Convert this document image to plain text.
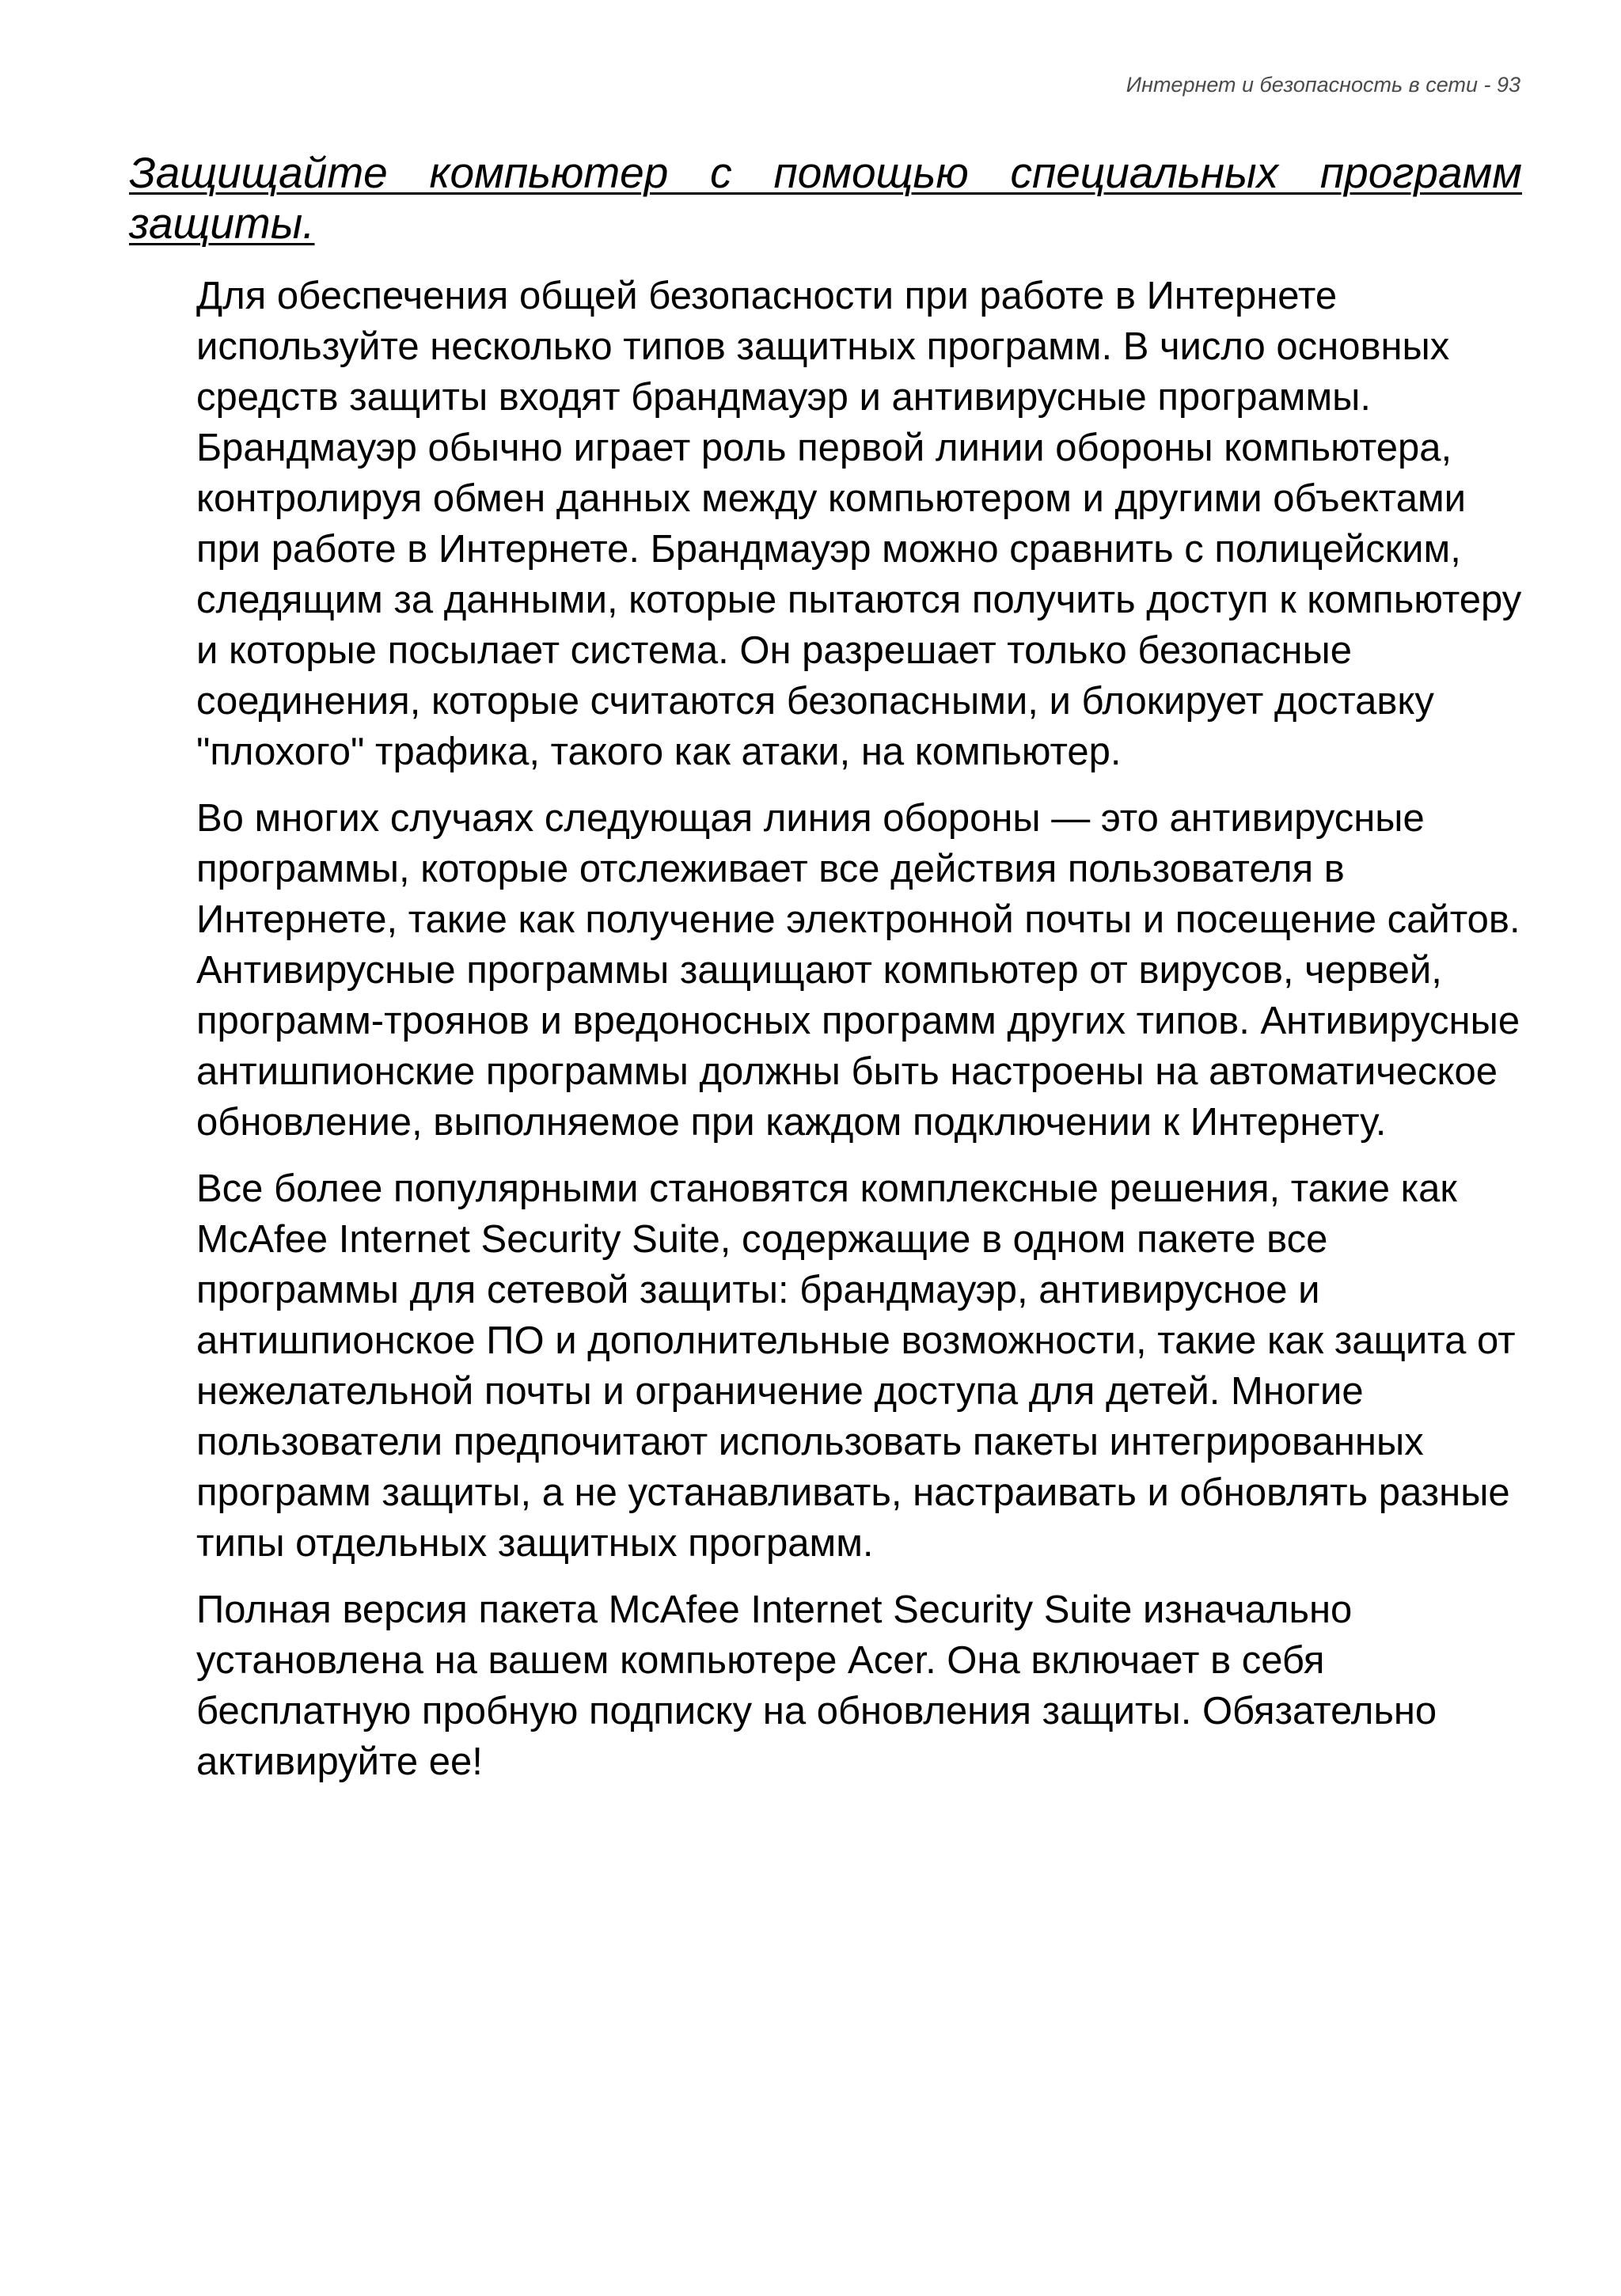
Интернет и безопасность в сети - 93
Защищайте компьютер с помощью специальных программ защиты.

Для обеспечения общей безопасности при работе в Интернете используйте несколько типов защитных программ. В число основных средств защиты входят брандмауэр и антивирусные программы. Брандмауэр обычно играет роль первой линии обороны компьютера, контролируя обмен данных между компьютером и другими объектами при работе в Интернете. Брандмауэр можно сравнить с полицейским, следящим за данными, которые пытаются получить доступ к компьютеру и которые посылает система. Он разрешает только безопасные соединения, которые считаются безопасными, и блокирует доставку "плохого" трафика, такого как атаки, на компьютер.

Во многих случаях следующая линия обороны — это антивирусные программы, которые отслеживает все действия пользователя в Интернете, такие как получение электронной почты и посещение сайтов. Антивирусные программы защищают компьютер от вирусов, червей, программ-троянов и вредоносных программ других типов. Антивирусные антишпионские программы должны быть настроены на автоматическое обновление, выполняемое при каждом подключении к Интернету.

Все более популярными становятся комплексные решения, такие как McAfee Internet Security Suite, содержащие в одном пакете все программы для сетевой защиты: брандмауэр, антивирусное и антишпионское ПО и дополнительные возможности, такие как защита от нежелательной почты и ограничение доступа для детей. Многие пользователи предпочитают использовать пакеты интегрированных программ защиты, а не устанавливать, настраивать и обновлять разные типы отдельных защитных программ.

Полная версия пакета McAfee Internet Security Suite изначально установлена на вашем компьютере Acer. Она включает в себя бесплатную пробную подписку на обновления защиты. Обязательно активируйте ее!
